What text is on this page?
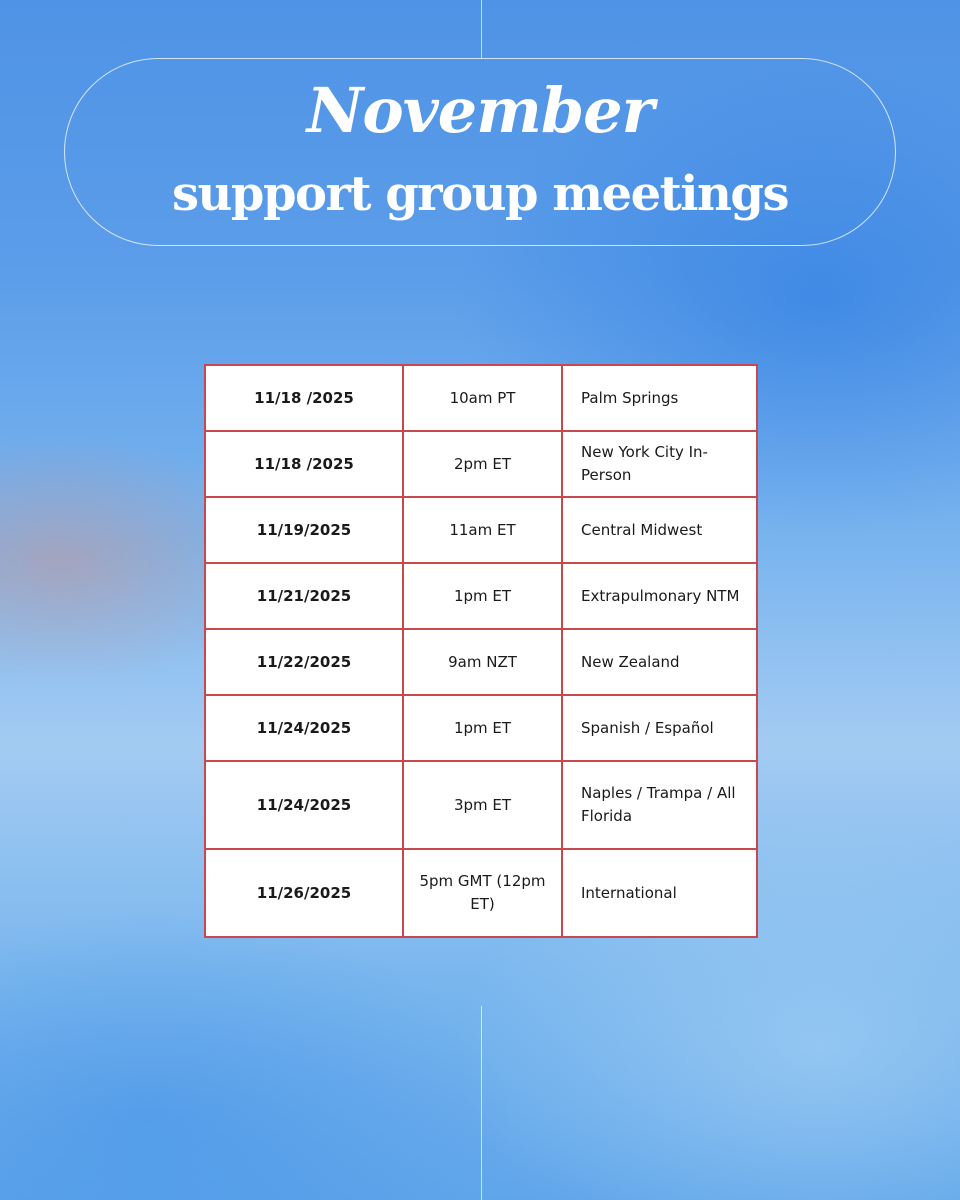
November
support group meetings
11/18 /2025	10am PT	Palm Springs
11/18 /2025	2pm ET	New York City In-Person
11/19/2025	11am ET	Central Midwest
11/21/2025	1pm ET	Extrapulmonary NTM
11/22/2025	9am NZT	New Zealand
11/24/2025	1pm ET	Spanish / Español
11/24/2025	3pm ET	Naples / Trampa / All Florida
11/26/2025	5pm GMT (12pm ET)	International
